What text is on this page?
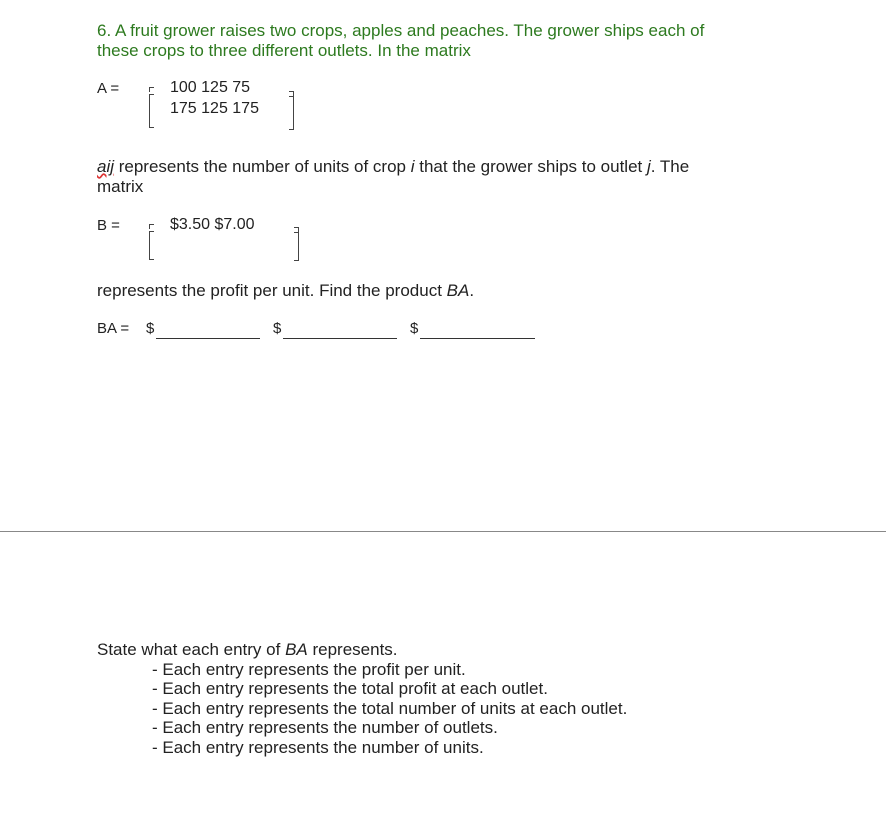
6. A fruit grower raises two crops, apples and peaches. The grower ships each of
these crops to three different outlets. In the matrix
A =	100 125 75
175 125 175
aij represents the number of units of crop i that the grower ships to outlet j. The
matrix
B =	$3.50 $7.00
represents the profit per unit. Find the product BA.
BA = $	$	$
State what each entry of BA represents.
- Each entry represents the profit per unit.
- Each entry represents the total profit at each outlet.
- Each entry represents the total number of units at each outlet.
- Each entry represents the number of outlets.
- Each entry represents the number of units.
